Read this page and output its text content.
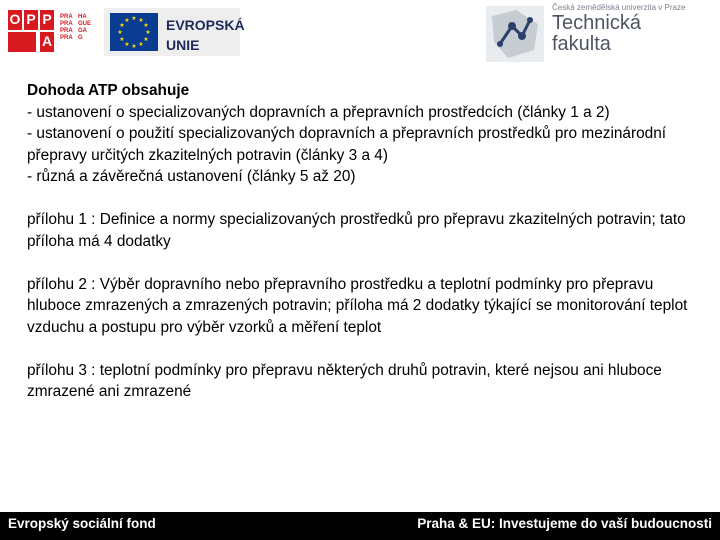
O P P
A
PRA
PRA
PRA
PRA
HA
GUE
GA
G
★ ★
★
★
★
★
★
★
★
★
★
★	EVROPSKÁ
UNIE
Česká zemědělská univerzita v Praze
Technická
fakulta

Dohoda ATP obsahuje

- ustanovení o specializovaných dopravních a přepravních prostředcích (články 1 a 2)

- ustanovení o použití specializovaných dopravních a přepravních prostředků pro mezinárodní přepravy určitých zkazitelných potravin (články 3 a 4)

- různá a závěrečná ustanovení (články 5 až 20)

přílohu 1 : Definice a normy specializovaných prostředků pro přepravu zkazitelných potravin; tato příloha má 4 dodatky

přílohu 2 : Výběr dopravního nebo přepravního prostředku a teplotní podmínky pro přepravu hluboce zmrazených a zmrazených potravin; příloha má 2 dodatky týkající se monitorování teplot vzduchu a postupu pro výběr vzorků a měření teplot

přílohu 3 : teplotní podmínky pro přepravu některých druhů potravin, které nejsou ani hluboce zmrazené ani zmrazené

Evropský sociální fond	Praha & EU: Investujeme do vaší budoucnosti
